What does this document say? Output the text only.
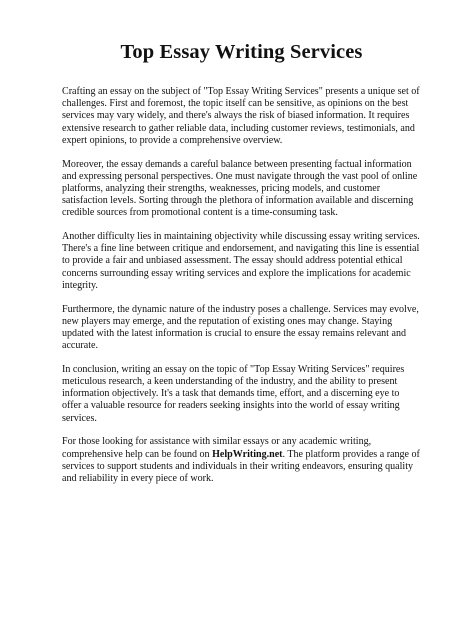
Top Essay Writing Services

Crafting an essay on the subject of "Top Essay Writing Services" presents a unique set of challenges. First and foremost, the topic itself can be sensitive, as opinions on the best services may vary widely, and there's always the risk of biased information. It requires extensive research to gather reliable data, including customer reviews, testimonials, and expert opinions, to provide a comprehensive overview.

Moreover, the essay demands a careful balance between presenting factual information and expressing personal perspectives. One must navigate through the vast pool of online platforms, analyzing their strengths, weaknesses, pricing models, and customer satisfaction levels. Sorting through the plethora of information available and discerning credible sources from promotional content is a time-consuming task.

Another difficulty lies in maintaining objectivity while discussing essay writing services. There's a fine line between critique and endorsement, and navigating this line is essential to provide a fair and unbiased assessment. The essay should address potential ethical concerns surrounding essay writing services and explore the implications for academic integrity.

Furthermore, the dynamic nature of the industry poses a challenge. Services may evolve, new players may emerge, and the reputation of existing ones may change. Staying updated with the latest information is crucial to ensure the essay remains relevant and accurate.

In conclusion, writing an essay on the topic of "Top Essay Writing Services" requires meticulous research, a keen understanding of the industry, and the ability to present information objectively. It's a task that demands time, effort, and a discerning eye to offer a valuable resource for readers seeking insights into the world of essay writing services.

For those looking for assistance with similar essays or any academic writing, comprehensive help can be found on HelpWriting.net. The platform provides a range of services to support students and individuals in their writing endeavors, ensuring quality and reliability in every piece of work.
